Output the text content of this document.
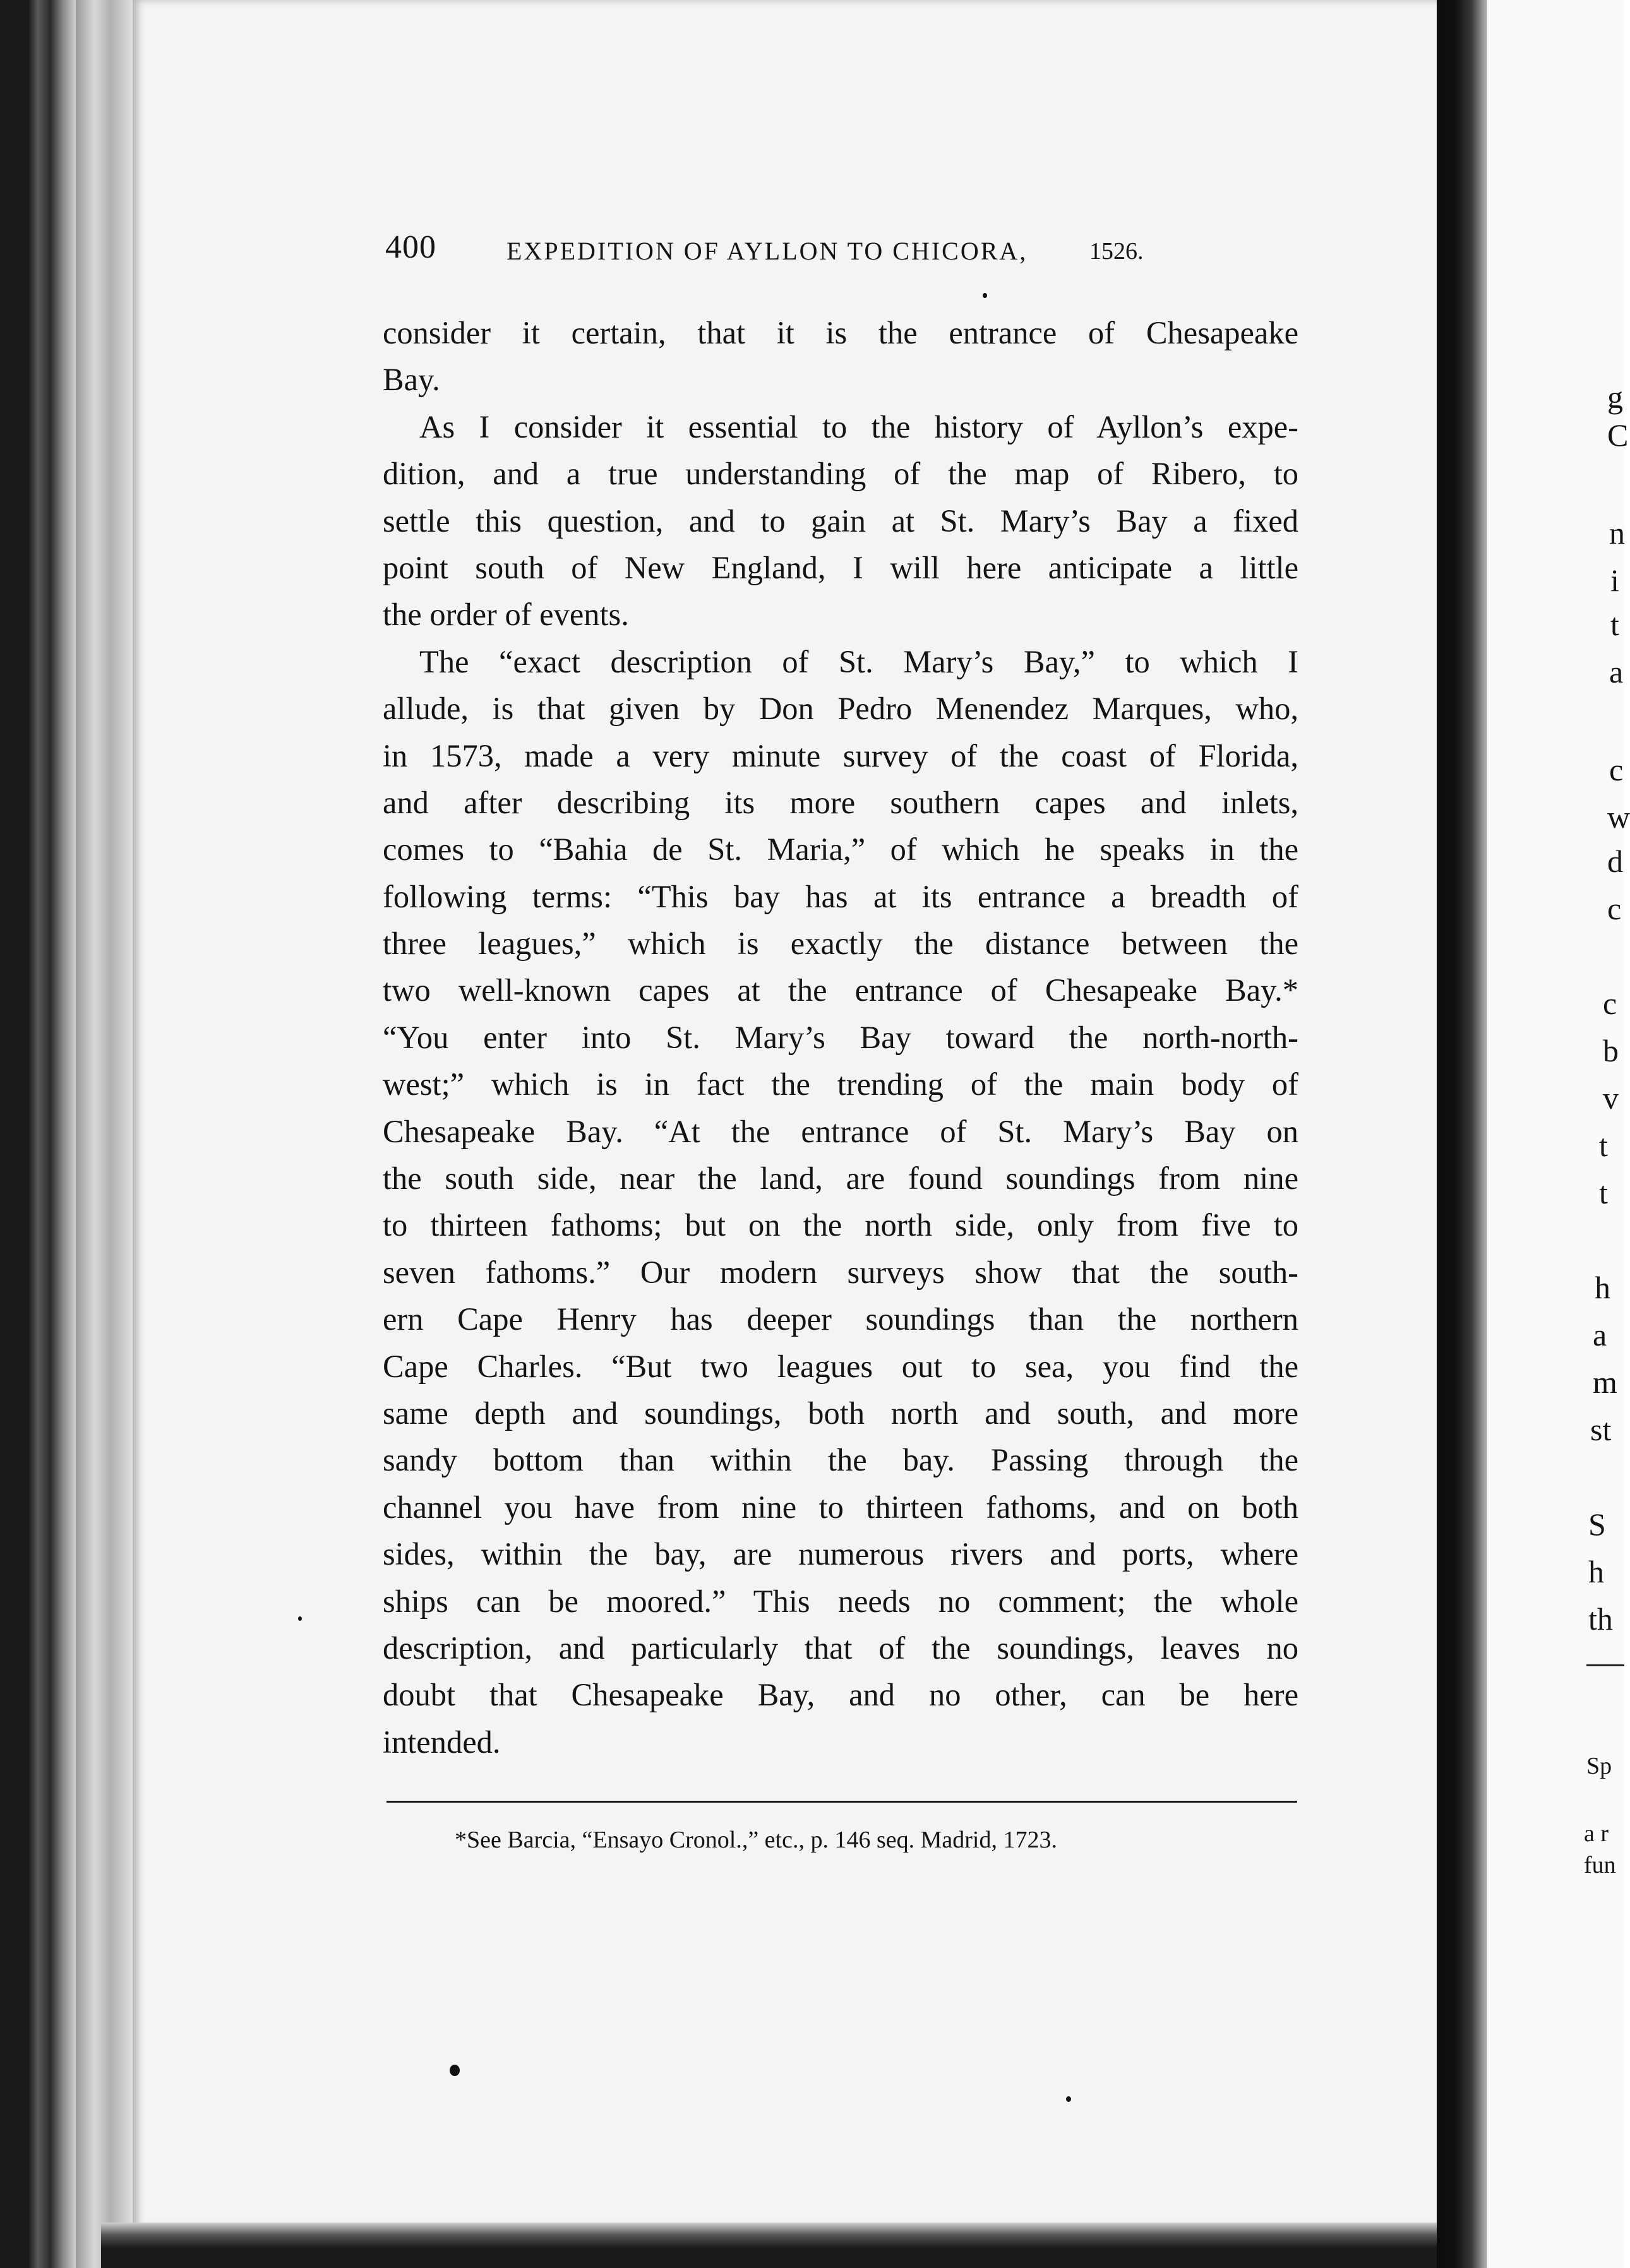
400	EXPEDITION OF AYLLON TO CHICORA,	1526.
consider it certain, that it is the entrance of Chesapeake
Bay.
As I consider it essential to the history of Ayllon’s expe-
dition, and a true understanding of the map of Ribero, to
settle this question, and to gain at St. Mary’s Bay a fixed
point south of New England, I will here anticipate a little
the order of events.
The “exact description of St. Mary’s Bay,” to which I
allude, is that given by Don Pedro Menendez Marques, who,
in 1573, made a very minute survey of the coast of Florida,
and after describing its more southern capes and inlets,
comes to “Bahia de St. Maria,” of which he speaks in the
following terms: “This bay has at its entrance a breadth of
three leagues,” which is exactly the distance between the
two well-known capes at the entrance of Chesapeake Bay.*
“You enter into St. Mary’s Bay toward the north-north-
west;” which is in fact the trending of the main body of
Chesapeake Bay. “At the entrance of St. Mary’s Bay on
the south side, near the land, are found soundings from nine
to thirteen fathoms; but on the north side, only from five to
seven fathoms.” Our modern surveys show that the south-
ern Cape Henry has deeper soundings than the northern
Cape Charles. “But two leagues out to sea, you find the
same depth and soundings, both north and south, and more
sandy bottom than within the bay. Passing through the
channel you have from nine to thirteen fathoms, and on both
sides, within the bay, are numerous rivers and ports, where
ships can be moored.” This needs no comment; the whole
description, and particularly that of the soundings, leaves no
doubt that Chesapeake Bay, and no other, can be here
intended.
*See Barcia, “Ensayo Cronol.,” etc., p. 146 seq. Madrid, 1723.
g
C
n
i
t
a
c
w
d
c
c
b
v
t
t
h
a
m
st
S
h
th
Sp
a r
fun
